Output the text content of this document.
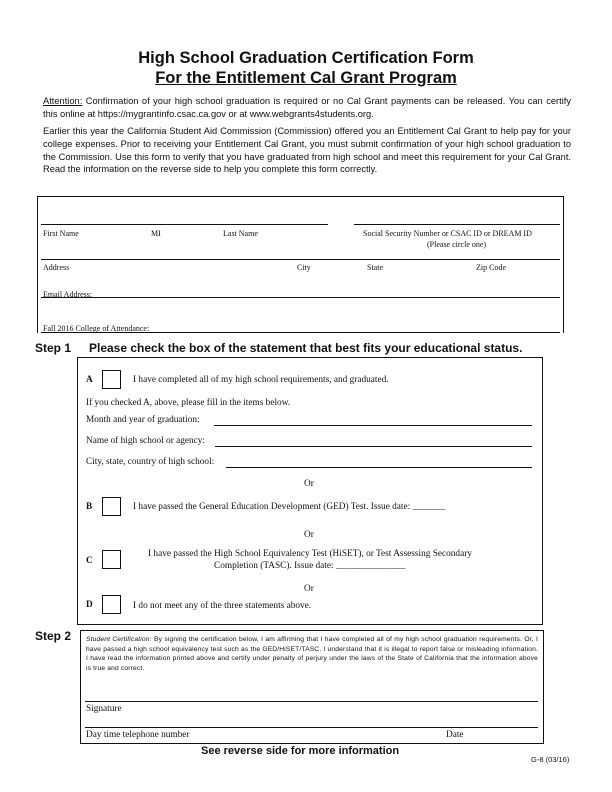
High School Graduation Certification Form
For the Entitlement Cal Grant Program
Attention: Confirmation of your high school graduation is required or no Cal Grant payments can be released. You can certify this online at https://mygrantinfo.csac.ca.gov or at www.webgrants4students.org.
Earlier this year the California Student Aid Commission (Commission) offered you an Entitlement Cal Grant to help pay for your college expenses. Prior to receiving your Entitlement Cal Grant, you must submit confirmation of your high school graduation to the Commission. Use this form to verify that you have graduated from high school and meet this requirement for your Cal Grant. Read the information on the reverse side to help you complete this form correctly.
First Name	MI	Last Name	Social Security Number or CSAC ID or DREAM ID
(Please circle one)
Address	City	State	Zip Code
Email Address:
Fall 2016 College of Attendance:
Step 1 Please check the box of the statement that best fits your educational status.
A	I have completed all of my high school requirements, and graduated.
If you checked A, above, please fill in the items below.
Month and year of graduation:
Name of high school or agency:
City, state, country of high school:
Or
B	I have passed the General Education Development (GED) Test. Issue date: _______
Or
C
I have passed the High School Equivalency Test (HiSET), or Test Assessing Secondary
Completion (TASC). Issue date: _______________
Or
D	I do not meet any of the three statements above.
Step 2 Student Certification: By signing the certification below, I am affirming that I have completed all of my high school graduation requirements. Or, I have passed a high school equivalency test such as the GED/HiSET/TASC. I understand that it is illegal to report false or misleading information. I have read the information printed above and certify under penalty of perjury under the laws of the State of California that the information above is true and correct.
Signature
Day time telephone number	Date
See reverse side for more information
G-8 (03/16)
